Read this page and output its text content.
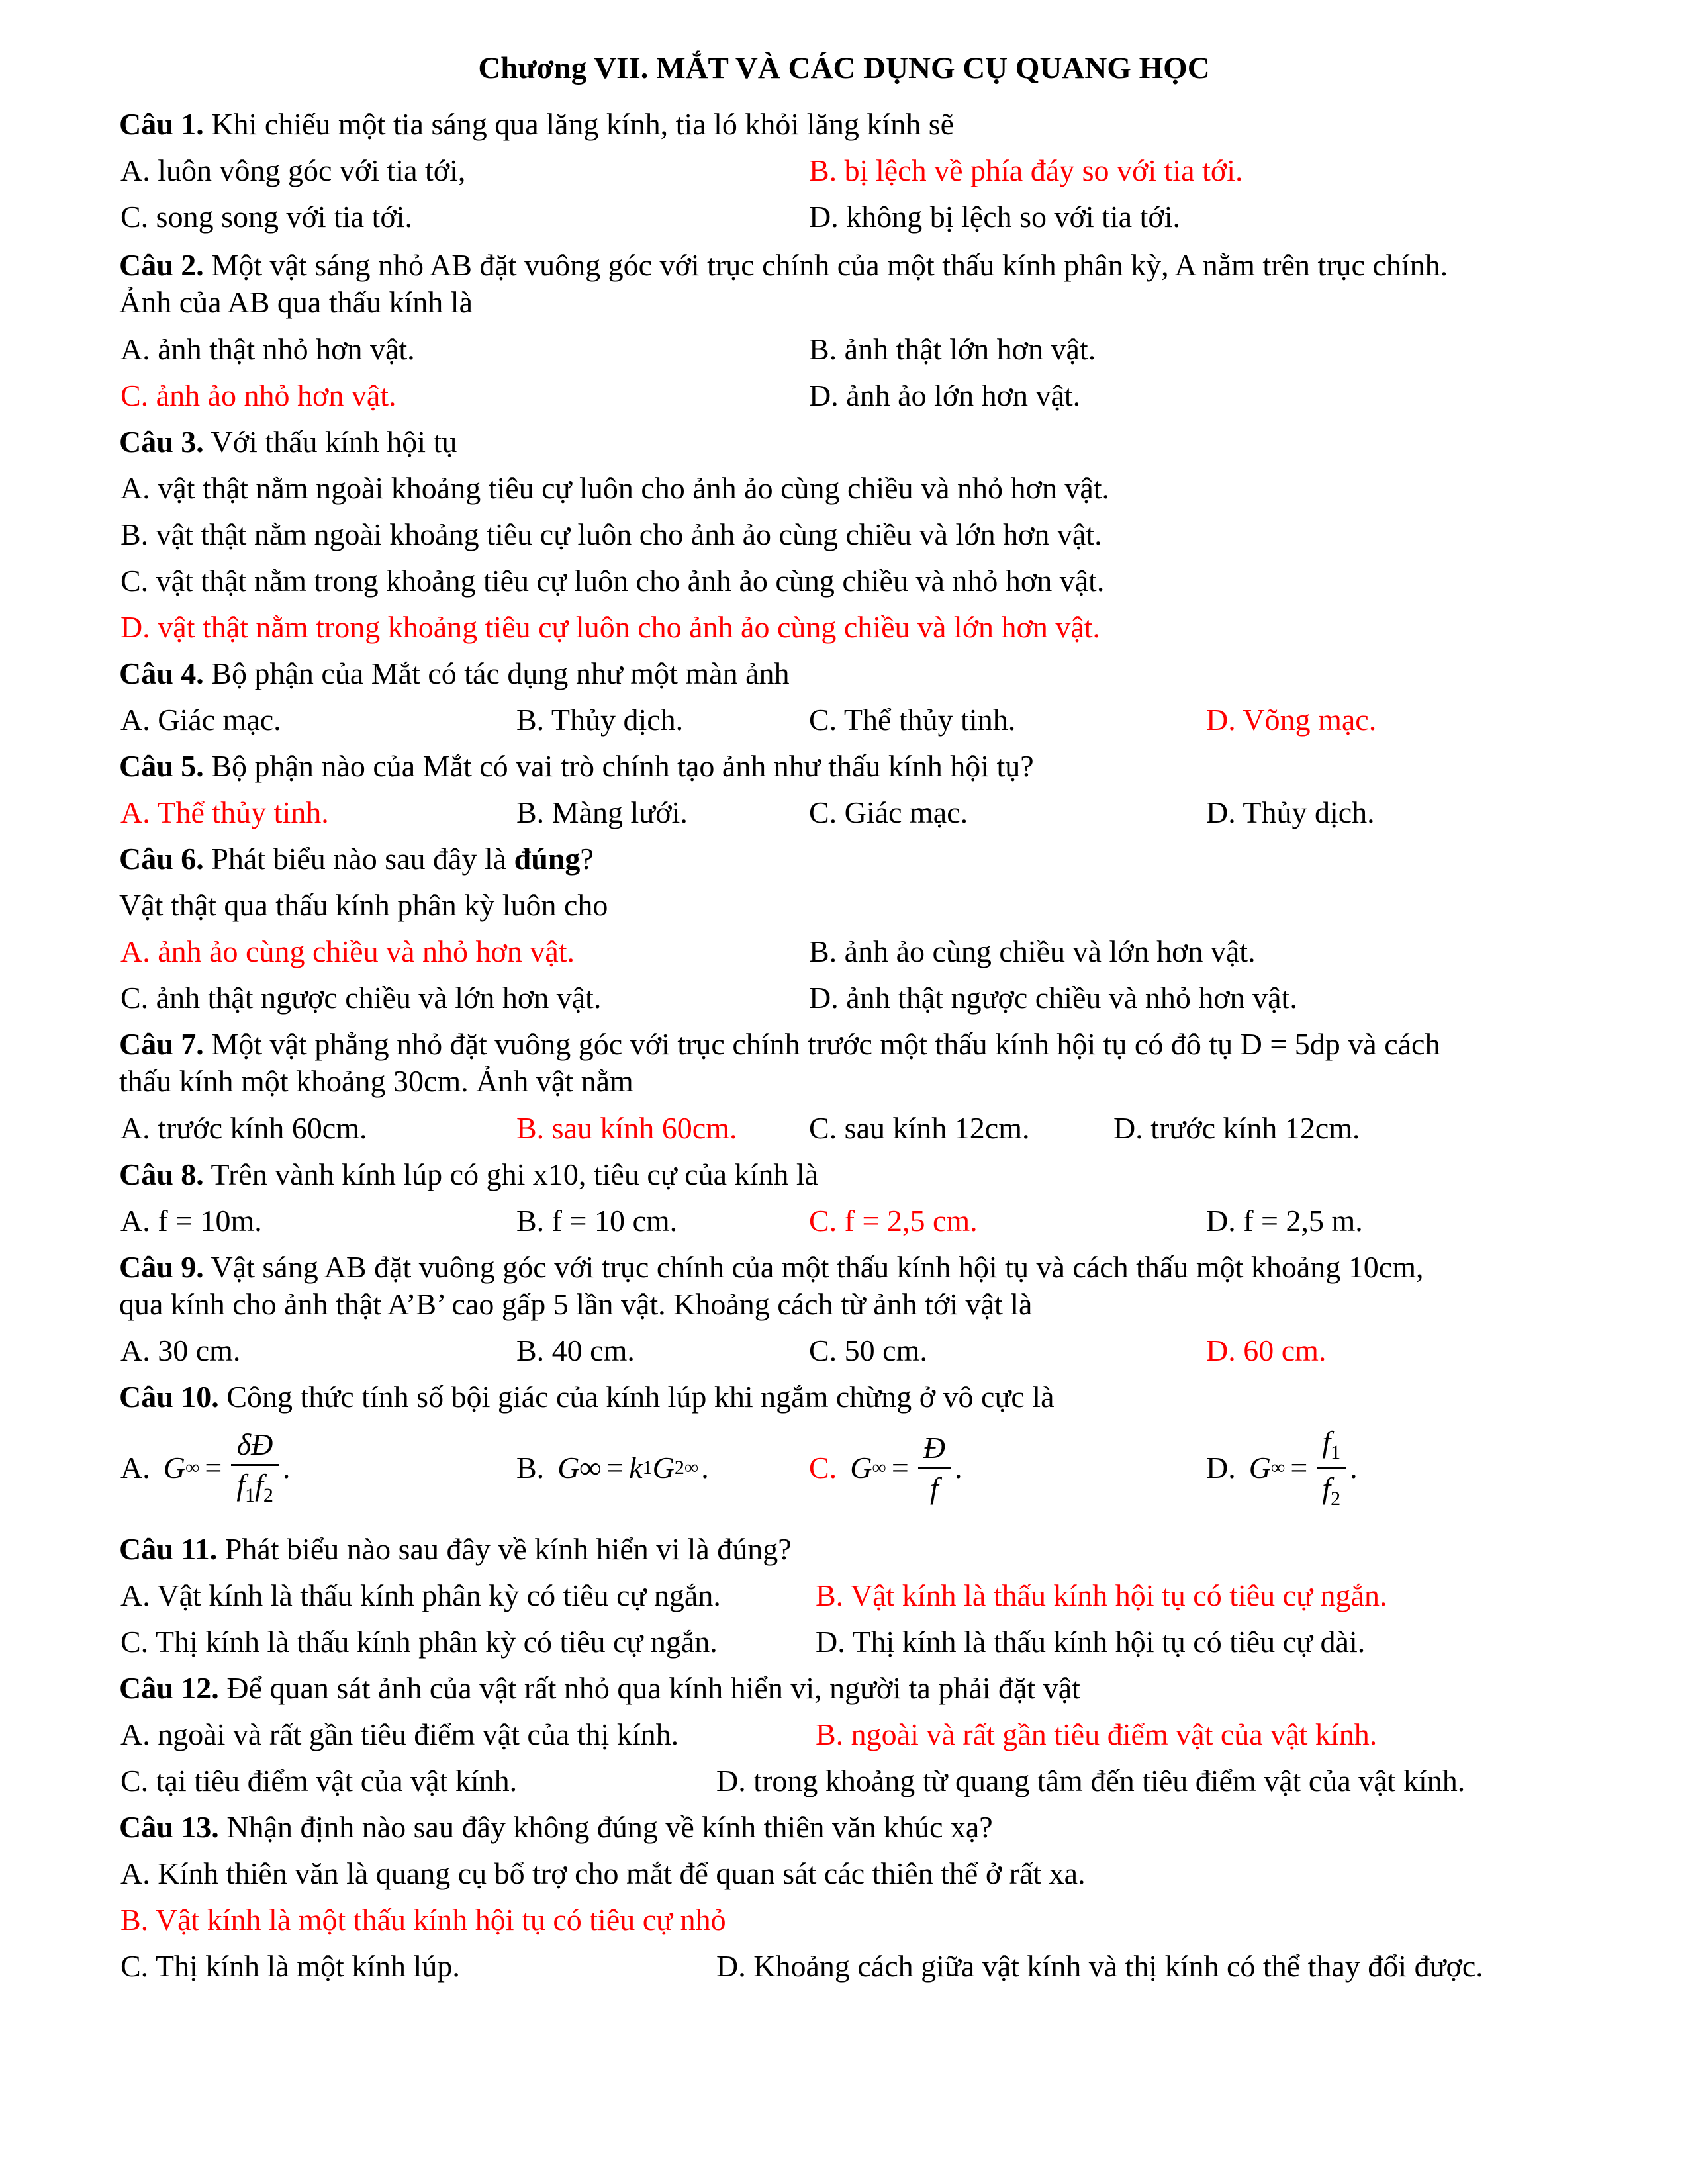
Chương VII. MẮT VÀ CÁC DỤNG CỤ QUANG HỌC
Câu 1. Khi chiếu một tia sáng qua lăng kính, tia ló khỏi lăng kính sẽ
A. luôn vông góc với tia tới,	B. bị lệch về phía đáy so với tia tới.
C. song song với tia tới.	D. không bị lệch so với tia tới.
Câu 2. Một vật sáng nhỏ AB đặt vuông góc với trục chính của một thấu kính phân kỳ, A nằm trên trục chính.
Ảnh của AB qua thấu kính là
A. ảnh thật nhỏ hơn vật.	B. ảnh thật lớn hơn vật.
C. ảnh ảo nhỏ hơn vật.	D. ảnh ảo lớn hơn vật.
Câu 3. Với thấu kính hội tụ
A. vật thật nằm ngoài khoảng tiêu cự luôn cho ảnh ảo cùng chiều và nhỏ hơn vật.
B. vật thật nằm ngoài khoảng tiêu cự luôn cho ảnh ảo cùng chiều và lớn hơn vật.
C. vật thật nằm trong khoảng tiêu cự luôn cho ảnh ảo cùng chiều và nhỏ hơn vật.
D. vật thật nằm trong khoảng tiêu cự luôn cho ảnh ảo cùng chiều và lớn hơn vật.
Câu 4. Bộ phận của Mắt có tác dụng như một màn ảnh
A. Giác mạc.	B. Thủy dịch.	C. Thể thủy tinh.	D. Võng mạc.
Câu 5. Bộ phận nào của Mắt có vai trò chính tạo ảnh như thấu kính hội tụ?
A. Thể thủy tinh.	B. Màng lưới.	C. Giác mạc.	D. Thủy dịch.
Câu 6. Phát biểu nào sau đây là đúng?
Vật thật qua thấu kính phân kỳ luôn cho
A. ảnh ảo cùng chiều và nhỏ hơn vật.	B. ảnh ảo cùng chiều và lớn hơn vật.
C. ảnh thật ngược chiều và lớn hơn vật.	D. ảnh thật ngược chiều và nhỏ hơn vật.
Câu 7. Một vật phẳng nhỏ đặt vuông góc với trục chính trước một thấu kính hội tụ có đô tụ D = 5dp và cách
thấu kính một khoảng 30cm. Ảnh vật nằm
A. trước kính 60cm.	B. sau kính 60cm. C. sau kính 12cm.	D. trước kính 12cm.
Câu 8. Trên vành kính lúp có ghi x10, tiêu cự của kính là
A. f = 10m.	B. f = 10 cm.	C. f = 2,5 cm.	D. f = 2,5 m.
Câu 9. Vật sáng AB đặt vuông góc với trục chính của một thấu kính hội tụ và cách thấu một khoảng 10cm,
qua kính cho ảnh thật A’B’ cao gấp 5 lần vật. Khoảng cách từ ảnh tới vật là
A. 30 cm.	B. 40 cm.	C. 50 cm.	D. 60 cm.
Câu 10. Công thức tính số bội giác của kính lúp khi ngắm chừng ở vô cực là
A. G ∞ = $\frac{\delta Đ}{f_1f_2}$ .	B. G∞ = k 1 G 2∞ .	C. G ∞ = $\frac{Đ}{f}$ .	D. G ∞ = $\frac{f_1}{f_2}$ .
Câu 11. Phát biểu nào sau đây về kính hiển vi là đúng?
A. Vật kính là thấu kính phân kỳ có tiêu cự ngắn.	B. Vật kính là thấu kính hội tụ có tiêu cự ngắn.
C. Thị kính là thấu kính phân kỳ có tiêu cự ngắn.	D. Thị kính là thấu kính hội tụ có tiêu cự dài.
Câu 12. Để quan sát ảnh của vật rất nhỏ qua kính hiển vi, người ta phải đặt vật
A. ngoài và rất gần tiêu điểm vật của thị kính.	B. ngoài và rất gần tiêu điểm vật của vật kính.
C. tại tiêu điểm vật của vật kính.	D. trong khoảng từ quang tâm đến tiêu điểm vật của vật kính.
Câu 13. Nhận định nào sau đây không đúng về kính thiên văn khúc xạ?
A. Kính thiên văn là quang cụ bổ trợ cho mắt để quan sát các thiên thể ở rất xa.
B. Vật kính là một thấu kính hội tụ có tiêu cự nhỏ
C. Thị kính là một kính lúp.	D. Khoảng cách giữa vật kính và thị kính có thể thay đổi được.
